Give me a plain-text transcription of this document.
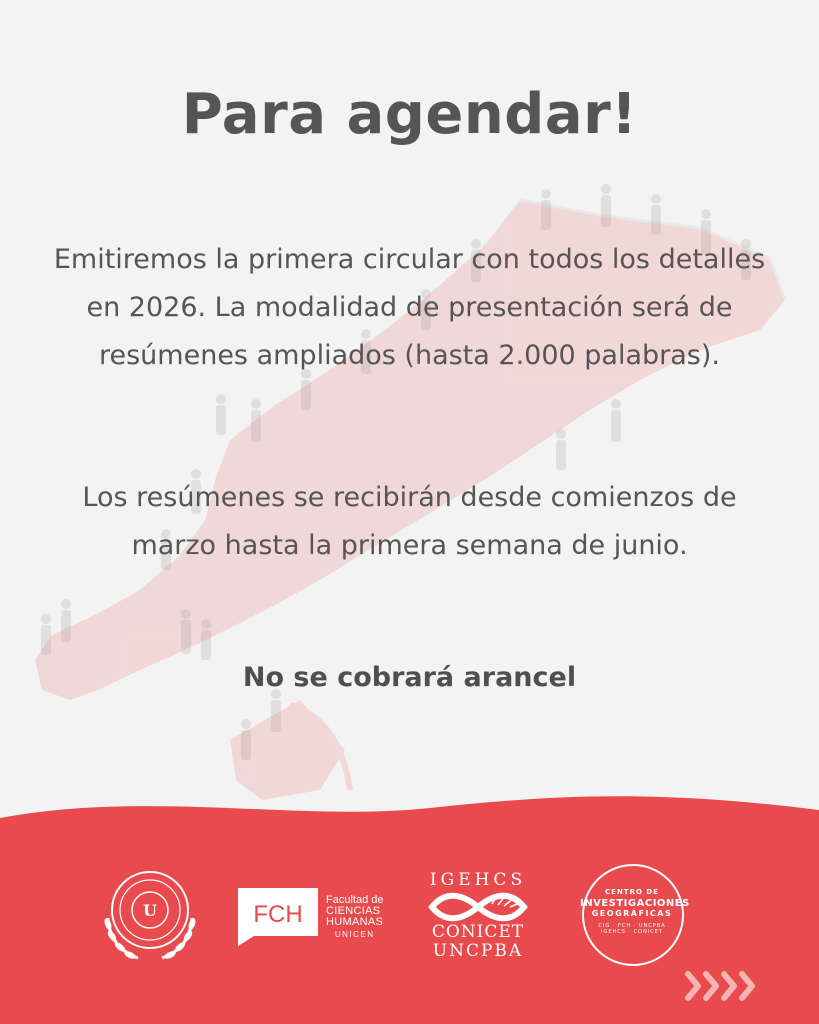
Para agendar!

Emitiremos la primera circular con todos los detalles en 2026. La modalidad de presentación será de resúmenes ampliados (hasta 2.000 palabras).

Los resúmenes se recibirán desde comienzos de marzo hasta la primera semana de junio.

No se cobrará arancel

U	FCH
Facultad de
CIENCIAS
HUMANAS
UNICEN
IGEHCS
CONICET
UNCPBA
CENTRO DE
INVESTIGACIONES
GEOGRÁFICAS
CIG · FCH · UNCPBA
IGEHCS · CONICET
